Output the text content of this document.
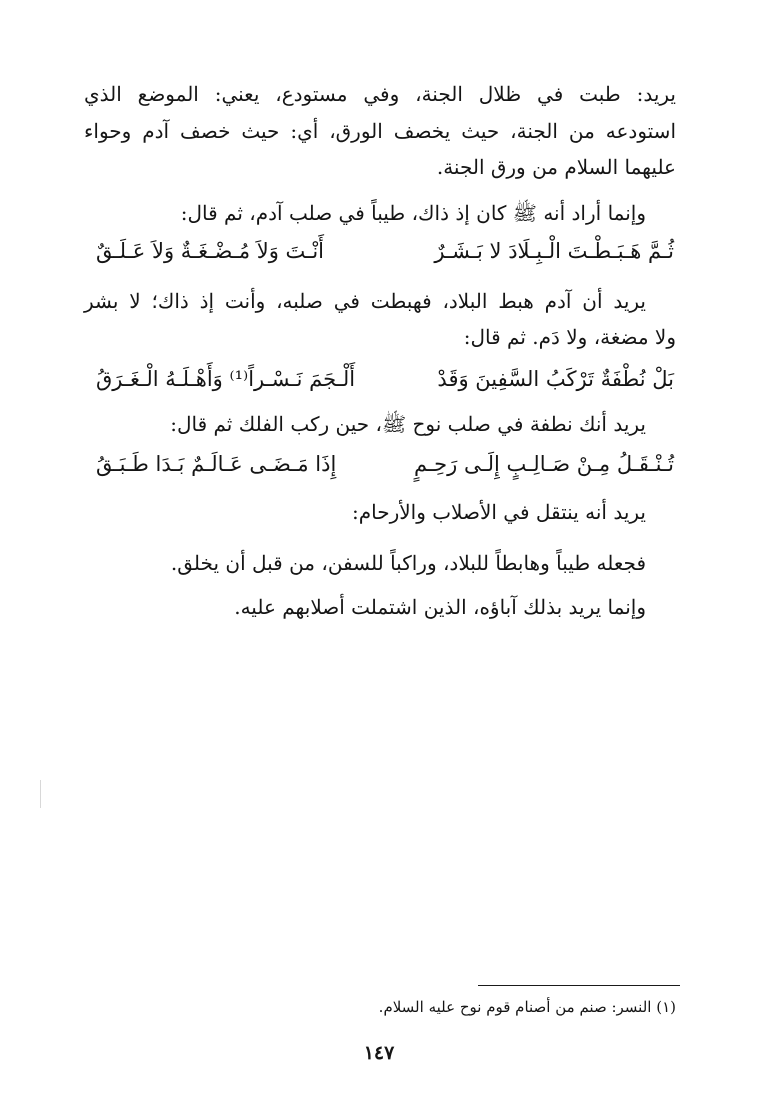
يريد: طبت في ظلال الجنة، وفي مستودع، يعني: الموضع الذي
استودعه من الجنة، حيث يخصف الورق، أي: حيث خصف آدم وحواء
عليهما السلام من ورق الجنة.
وإنما أراد أنه ﷺ كان إذ ذاك، طيباً في صلب آدم، ثم قال:
ثُـمَّ هَـبَـطْـتَ الْـبِـلَادَ لا بَـشَـرٌ
أَنْـتَ وَلاَ مُـضْـغَـةٌ وَلاَ عَـلَـقٌ
يريد أن آدم هبط البلاد، فهبطت في صلبه، وأنت إذ ذاك؛ لا بشر
ولا مضغة، ولا دَم. ثم قال:
بَلْ نُطْفَةٌ تَرْكَبُ السَّفِينَ وَقَدْ
أَلْـجَمَ نَـسْـراً⁽¹⁾ وَأَهْـلَـهُ الْـغَـرَقُ
يريد أنك نطفة في صلب نوح ﷺ، حين ركب الفلك ثم قال:
تُـنْـقَـلُ مِـنْ صَـالِـبٍ إِلَـى رَحِـمٍ
إِذَا مَـضَـى عَـالَـمٌ بَـدَا طَـبَـقُ
يريد أنه ينتقل في الأصلاب والأرحام:
فجعله طيباً وهابطاً للبلاد، وراكباً للسفن، من قبل أن يخلق.
وإنما يريد بذلك آباؤه، الذين اشتملت أصلابهم عليه.
(١) النسر: صنم من أصنام قوم نوح عليه السلام.
١٤٧
